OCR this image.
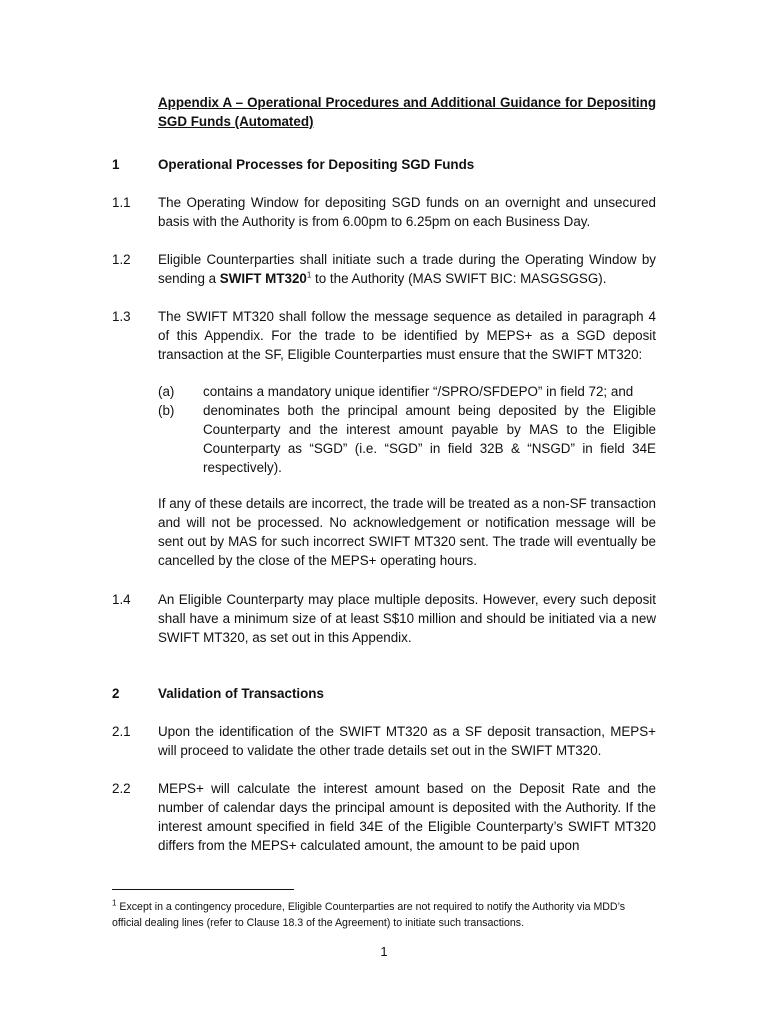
Appendix A – Operational Procedures and Additional Guidance for Depositing SGD Funds (Automated)
1	Operational Processes for Depositing SGD Funds
1.1	The Operating Window for depositing SGD funds on an overnight and unsecured basis with the Authority is from 6.00pm to 6.25pm on each Business Day.
1.2	Eligible Counterparties shall initiate such a trade during the Operating Window by sending a SWIFT $MT320^1$ to the Authority (MAS SWIFT BIC: MASGSGSG).
1.3	The SWIFT MT320 shall follow the message sequence as detailed in paragraph 4 of this Appendix. For the trade to be identified by MEPS+ as a SGD deposit transaction at the SF, Eligible Counterparties must ensure that the SWIFT MT320:
(a)	contains a mandatory unique identifier “/SPRO/SFDEPO” in field 72; and
(b)	denominates both the principal amount being deposited by the Eligible Counterparty and the interest amount payable by MAS to the Eligible Counterparty as “SGD” (i.e. “SGD” in field 32B & “NSGD” in field 34E respectively).
If any of these details are incorrect, the trade will be treated as a non-SF transaction and will not be processed. No acknowledgement or notification message will be sent out by MAS for such incorrect SWIFT MT320 sent. The trade will eventually be cancelled by the close of the MEPS+ operating hours.
1.4	An Eligible Counterparty may place multiple deposits. However, every such deposit shall have a minimum size of at least S$10 million and should be initiated via a new SWIFT MT320, as set out in this Appendix.
2	Validation of Transactions
2.1	Upon the identification of the SWIFT MT320 as a SF deposit transaction, MEPS+ will proceed to validate the other trade details set out in the SWIFT MT320.
2.2	MEPS+ will calculate the interest amount based on the Deposit Rate and the number of calendar days the principal amount is deposited with the Authority. If the interest amount specified in field 34E of the Eligible Counterparty’s SWIFT MT320 differs from the MEPS+ calculated amount, the amount to be paid upon
$^1$ Except in a contingency procedure, Eligible Counterparties are not required to notify the Authority via MDD’s official dealing lines (refer to Clause 18.3 of the Agreement) to initiate such transactions.
1
